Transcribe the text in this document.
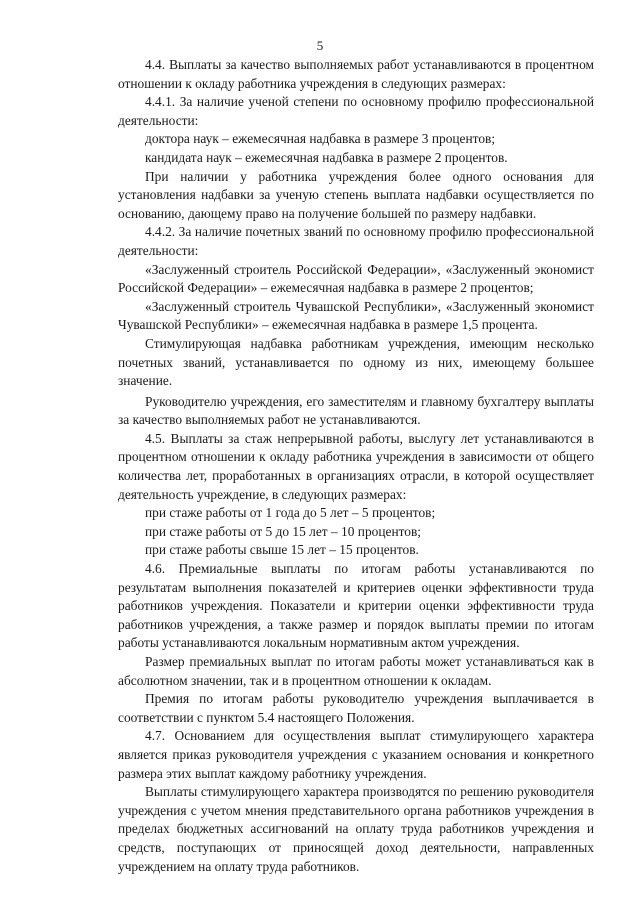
5

4.4. Выплаты за качество выполняемых работ устанавливаются в процентном отношении к окладу работника учреждения в следующих размерах:

4.4.1. За наличие ученой степени по основному профилю профессиональной деятельности:

доктора наук – ежемесячная надбавка в размере 3 процентов;

кандидата наук – ежемесячная надбавка в размере 2 процентов.

При наличии у работника учреждения более одного основания для установления надбавки за ученую степень выплата надбавки осуществляется по основанию, дающему право на получение большей по размеру надбавки.

4.4.2. За наличие почетных званий по основному профилю профессиональной деятельности:

«Заслуженный строитель Российской Федерации», «Заслуженный экономист Российской Федерации» – ежемесячная надбавка в размере 2 процентов;

«Заслуженный строитель Чувашской Республики», «Заслуженный экономист Чувашской Республики» – ежемесячная надбавка в размере 1,5 процента.

Стимулирующая надбавка работникам учреждения, имеющим несколько почетных званий, устанавливается по одному из них, имеющему большее значение.

Руководителю учреждения, его заместителям и главному бухгалтеру выплаты за качество выполняемых работ не устанавливаются.

4.5. Выплаты за стаж непрерывной работы, выслугу лет устанавливаются в процентном отношении к окладу работника учреждения в зависимости от общего количества лет, проработанных в организациях отрасли, в которой осуществляет деятельность учреждение, в следующих размерах:

при стаже работы от 1 года до 5 лет – 5 процентов;

при стаже работы от 5 до 15 лет – 10 процентов;

при стаже работы свыше 15 лет – 15 процентов.

4.6. Премиальные выплаты по итогам работы устанавливаются по результатам выполнения показателей и критериев оценки эффективности труда работников учреждения. Показатели и критерии оценки эффективности труда работников учреждения, а также размер и порядок выплаты премии по итогам работы устанавливаются локальным нормативным актом учреждения.

Размер премиальных выплат по итогам работы может устанавливаться как в абсолютном значении, так и в процентном отношении к окладам.

Премия по итогам работы руководителю учреждения выплачивается в соответствии с пунктом 5.4 настоящего Положения.

4.7. Основанием для осуществления выплат стимулирующего характера является приказ руководителя учреждения с указанием основания и конкретного размера этих выплат каждому работнику учреждения.

Выплаты стимулирующего характера производятся по решению руководителя учреждения с учетом мнения представительного органа работников учреждения в пределах бюджетных ассигнований на оплату труда работников учреждения и средств, поступающих от приносящей доход деятельности, направленных учреждением на оплату труда работников.
